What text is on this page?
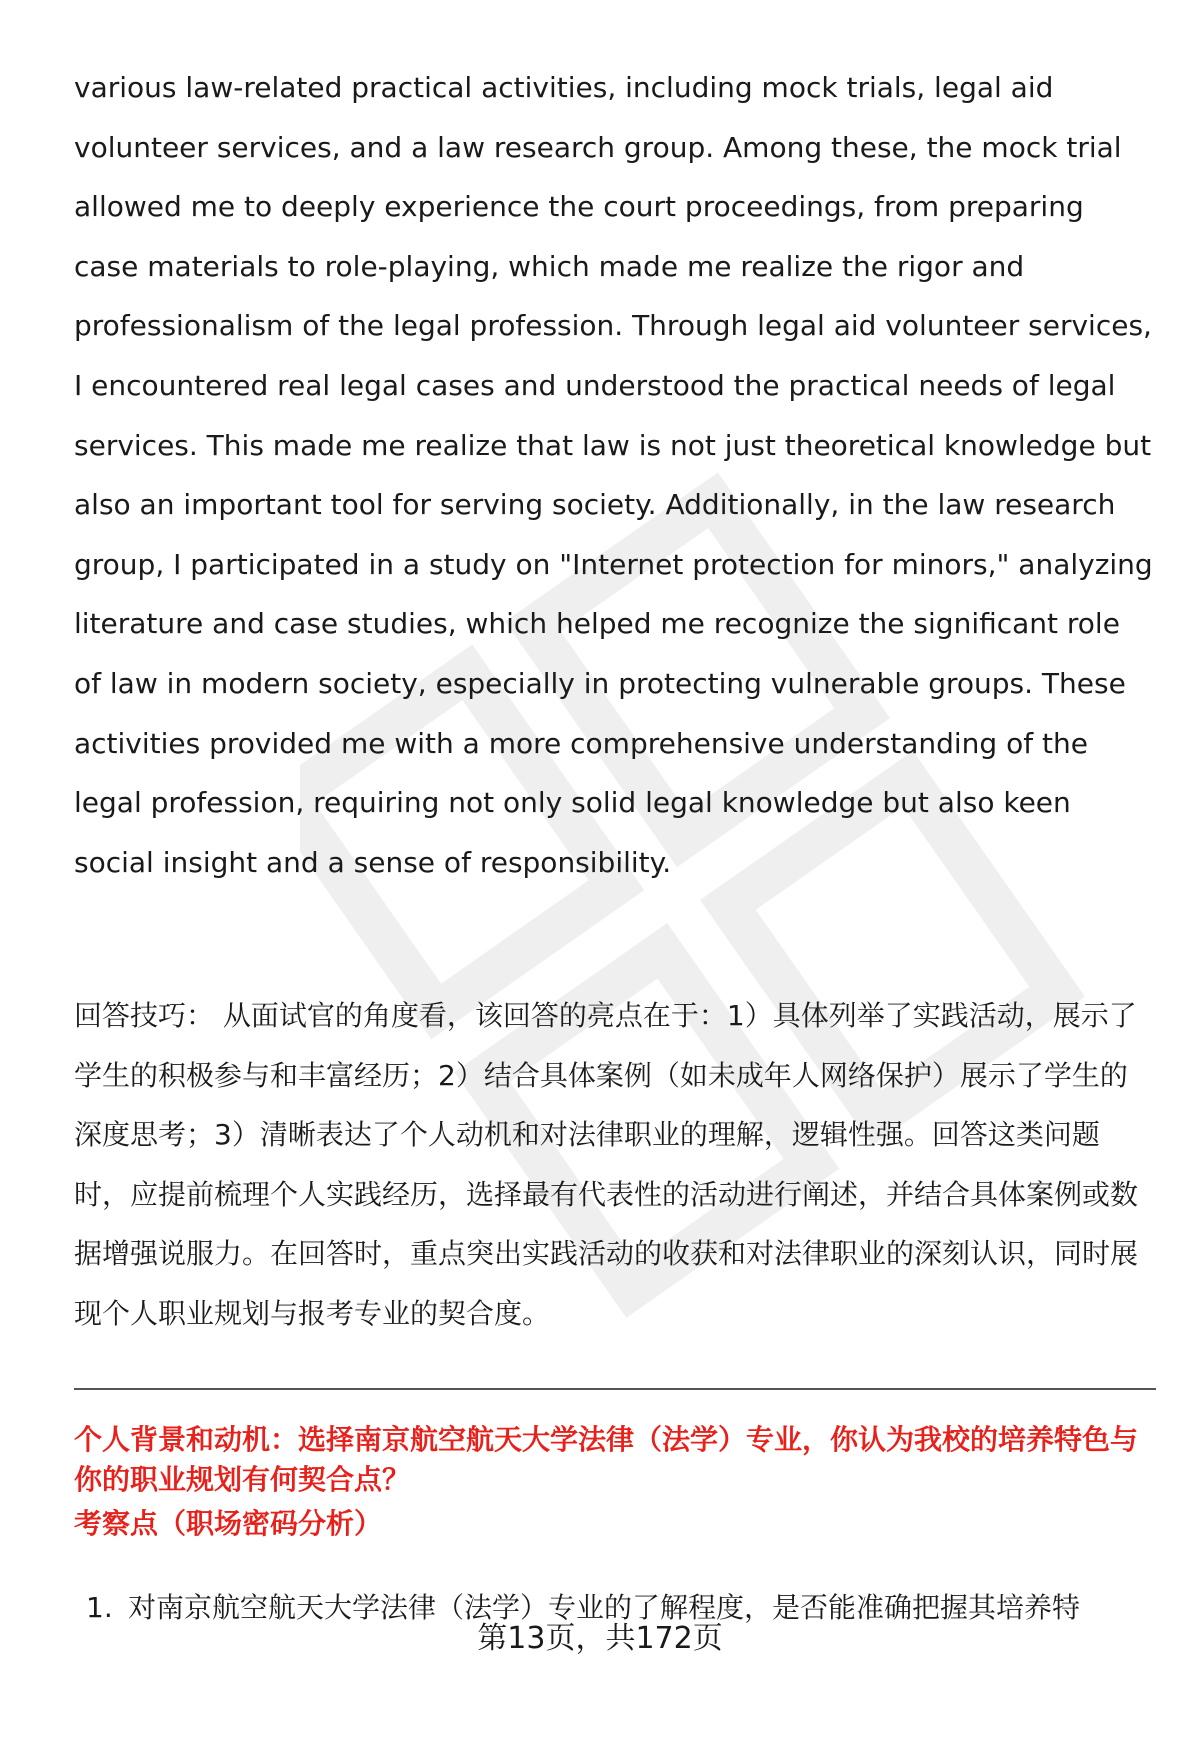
various law-related practical activities, including mock trials, legal aid volunteer services, and a law research group. Among these, the mock trial allowed me to deeply experience the court proceedings, from preparing case materials to role-playing, which made me realize the rigor and professionalism of the legal profession. Through legal aid volunteer services, I encountered real legal cases and understood the practical needs of legal services. This made me realize that law is not just theoretical knowledge but also an important tool for serving society. Additionally, in the law research group, I participated in a study on "Internet protection for minors," analyzing literature and case studies, which helped me recognize the significant role of law in modern society, especially in protecting vulnerable groups. These activities provided me with a more comprehensive understanding of the legal profession, requiring not only solid legal knowledge but also keen social insight and a sense of responsibility.

回答技巧： 从面试官的角度看，该回答的亮点在于：1）具体列举了实践活动，展示了学生的积极参与和丰富经历；2）结合具体案例（如未成年人网络保护）展示了学生的深度思考；3）清晰表达了个人动机和对法律职业的理解，逻辑性强。回答这类问题时，应提前梳理个人实践经历，选择最有代表性的活动进行阐述，并结合具体案例或数据增强说服力。在回答时，重点突出实践活动的收获和对法律职业的深刻认识，同时展现个人职业规划与报考专业的契合度。

个人背景和动机：选择南京航空航天大学法律（法学）专业，你认为我校的培养特色与你的职业规划有何契合点？

考察点（职场密码分析）

1. 对南京航空航天大学法律（法学）专业的了解程度，是否能准确把握其培养特

第13页，共172页
